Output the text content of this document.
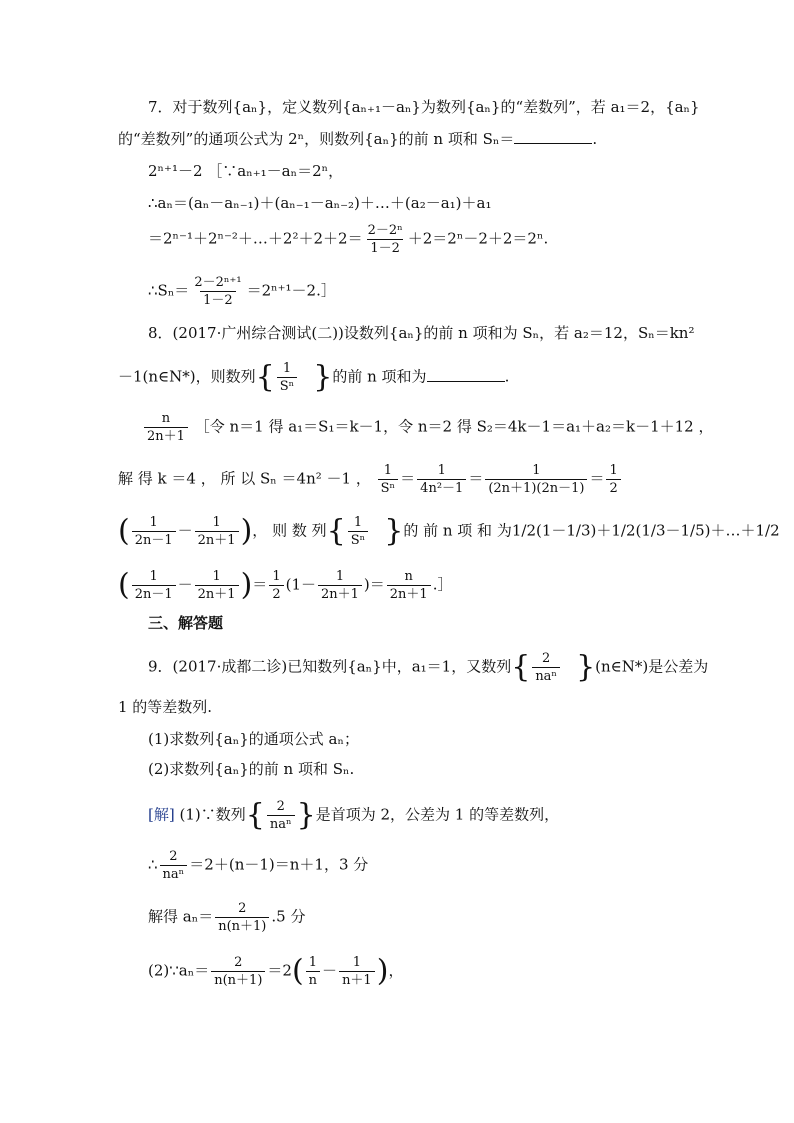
7．对于数列{aₙ}，定义数列{aₙ₊₁－aₙ}为数列{aₙ}的“差数列”，若 a₁＝2，{aₙ}
的“差数列”的通项公式为 2ⁿ，则数列{aₙ}的前 n 项和 Sₙ＝	.
2ⁿ⁺¹－2 ［∵aₙ₊₁－aₙ＝2ⁿ，
∴aₙ＝(aₙ－aₙ₋₁)＋(aₙ₋₁－aₙ₋₂)＋…＋(a₂－a₁)＋a₁
＝2ⁿ⁻¹＋2ⁿ⁻²＋…＋2²＋2＋2＝ $\frac{\text{2－2ⁿ}}{1-2} +2=2^n-2+2=2^n$.
∴Sₙ＝ $\frac{\text{2－2ⁿ⁺¹}}{1-2}$ ＝2ⁿ⁺¹－2.］
8．(2017·广州综合测试(二))设数列{aₙ}的前 n 项和为 Sₙ，若 a₂＝12，Sₙ＝kn²
－1(n∈N*)，则数列{ $\frac{1}{\text{Sⁿ}}$ }的前 n 项和为	.
$\frac{n}{2n+1}$ ［令 n＝1 得 a₁＝S₁＝k－1，令 n＝2 得 S₂＝4k－1＝a₁＋a₂＝k－1＋12 ，
解 得 k ＝4 ， 所 以 Sₙ ＝4n² －1 ， $\frac{1}{\text{Sⁿ}} = \frac{1}{\text{4n²－1}} = \frac{1}{(2n+1)(2n-1)} = \frac{1}{2}$
( $\frac{1}{2n-1} - \frac{1}{2n+1}$ )， 则 数 列{ $\frac{1}{\text{Sⁿ}}$ }的 前 n 项 和 为1/2(1－1/3)＋1/2(1/3－1/5)＋…＋1/2
( $\frac{1}{2n-1} - \frac{1}{2n+1}$ )＝ $\frac{1}{2} (1- \frac{1}{2n+1}$ )＝ $\frac{n}{2n+1}$ .］
三、解答题
9．(2017·成都二诊)已知数列{aₙ}中，a₁＝1，又数列{ $\frac{2}{\text{naⁿ}}$ }(n∈N*)是公差为
1 的等差数列.
(1)求数列{aₙ}的通项公式 aₙ；
(2)求数列{aₙ}的前 n 项和 Sₙ.
[解] (1)∵数列{ $\frac{2}{\text{naⁿ}}$ }是首项为 2，公差为 1 的等差数列，
∴ $\frac{2}{\text{naⁿ}} =2+(n-1)=n+1$，3 分
解得 $a_n= \frac{2}{n(n+1)} .5$ 分
(2)∵aₙ＝ $\frac{2}{n(n+1)} =2( \frac{1}{n} - \frac{1}{n+1}$ )，
